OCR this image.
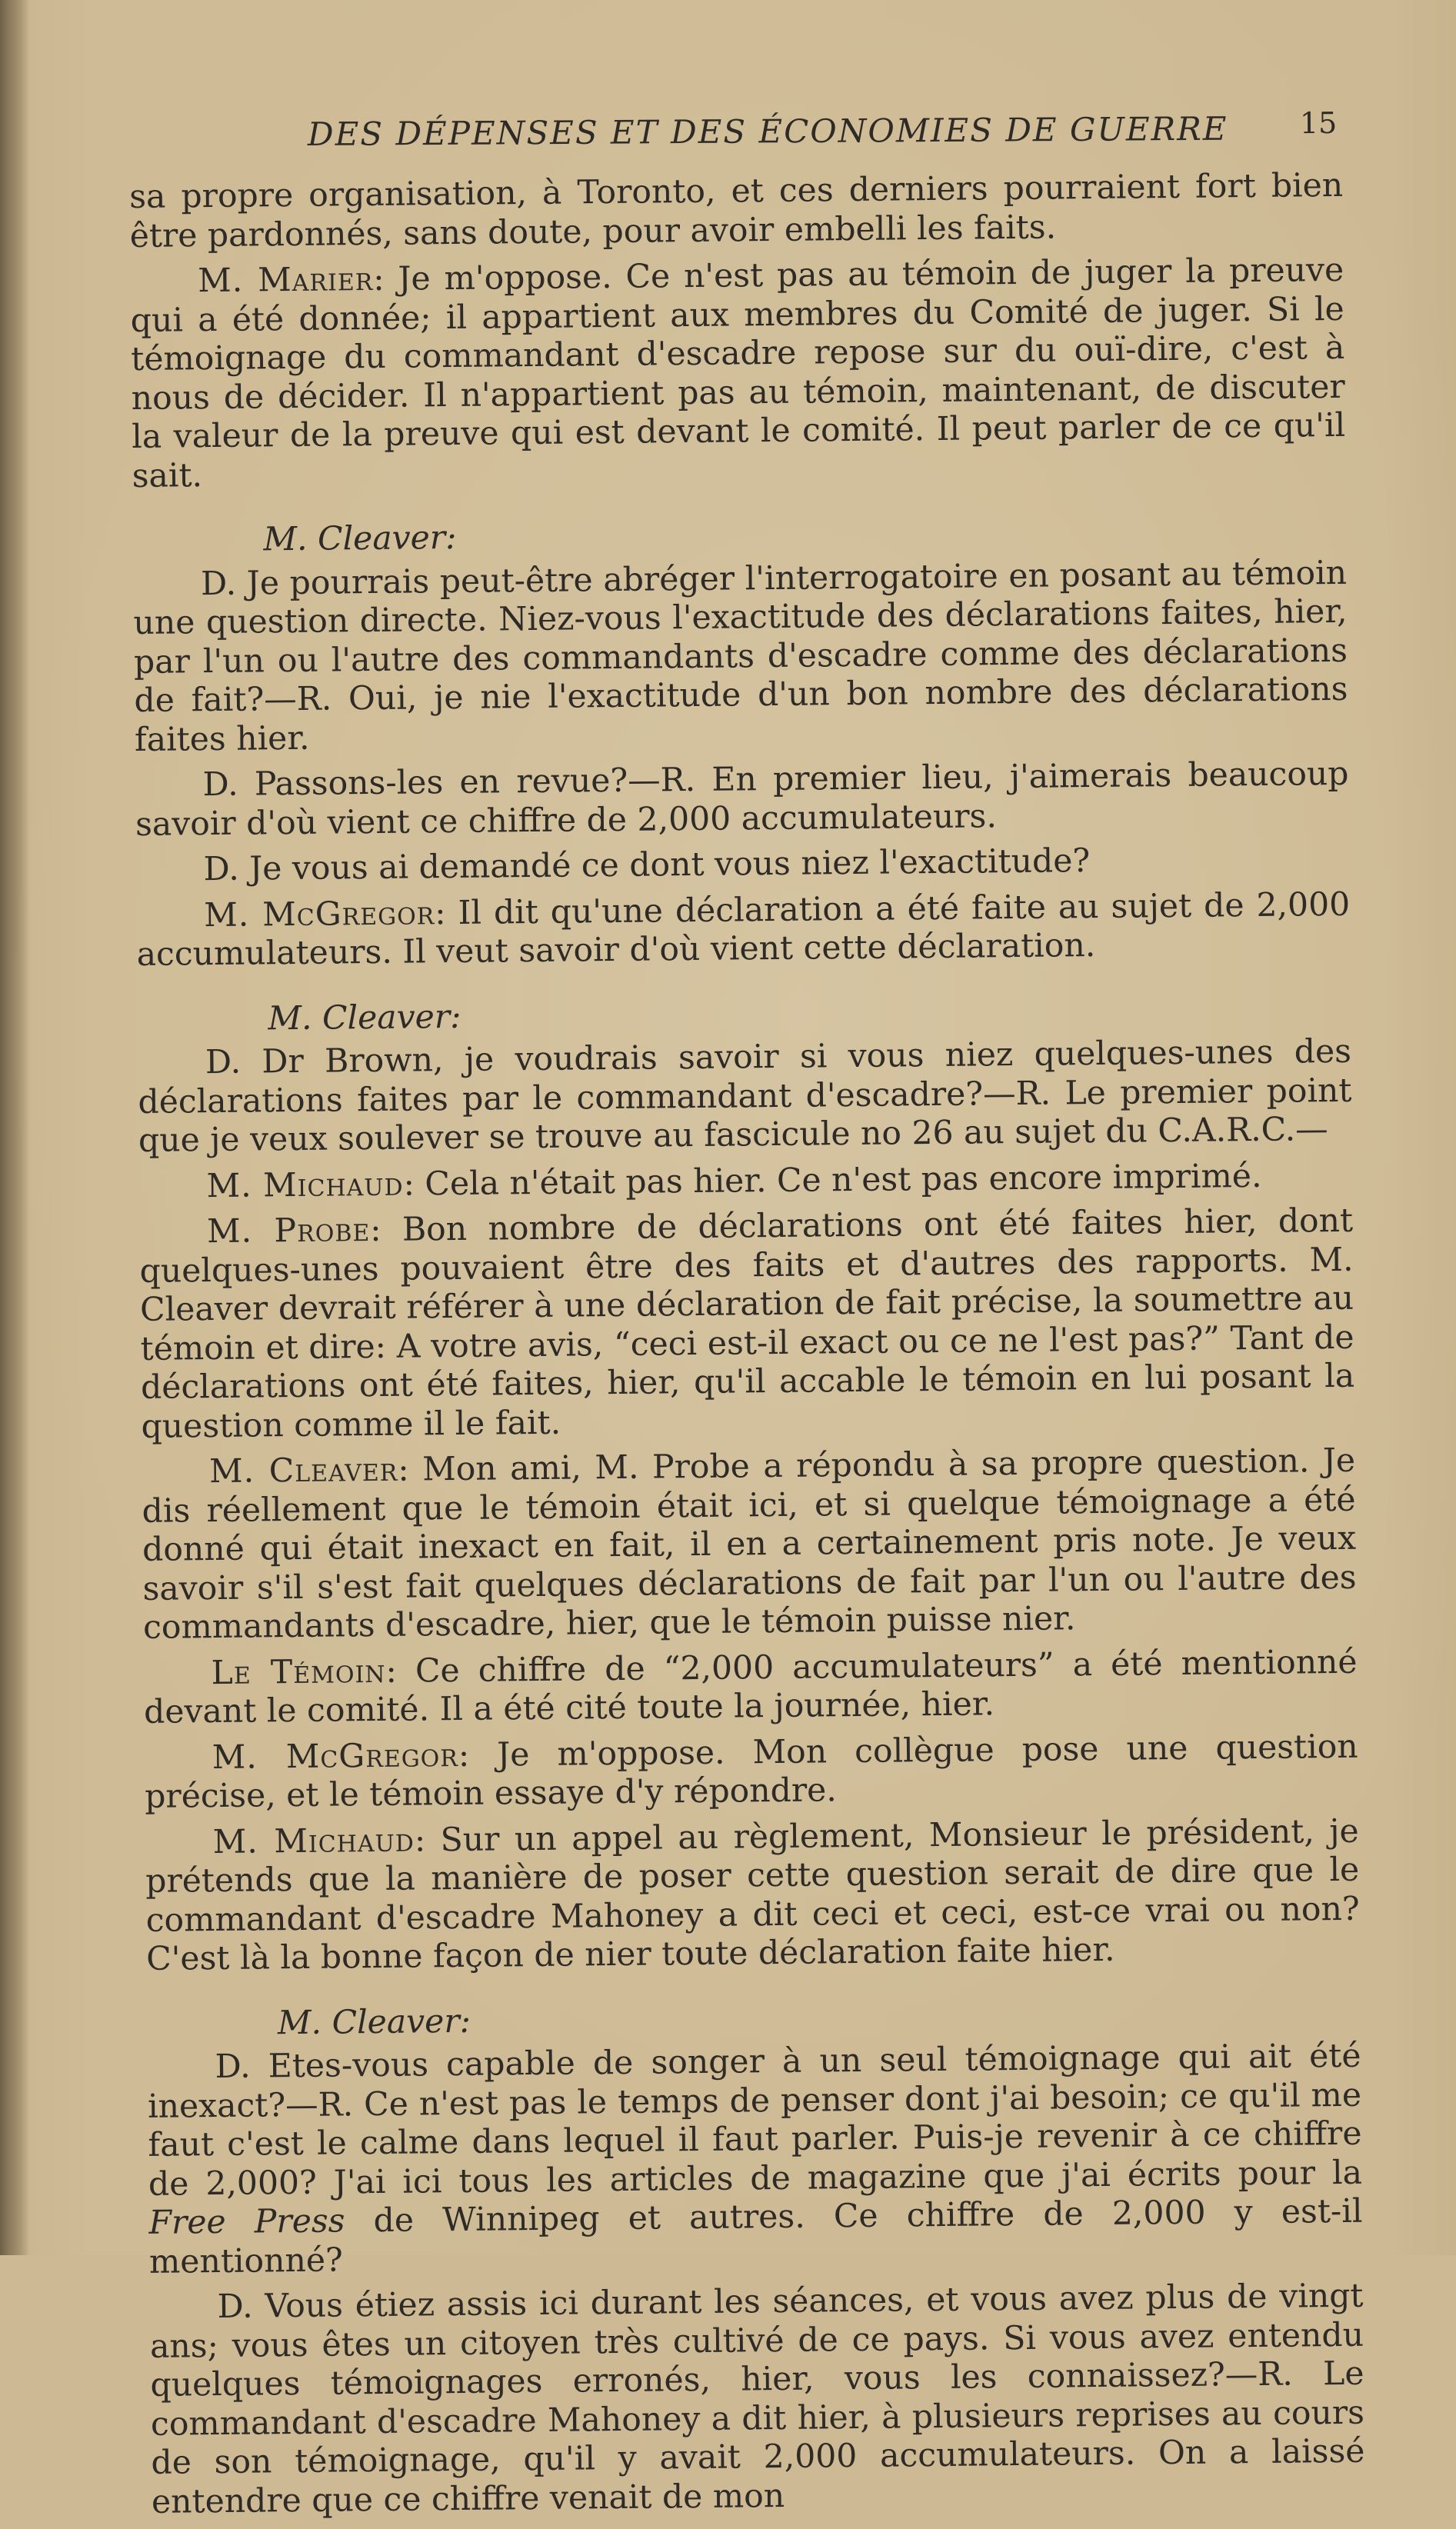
DES DÉPENSES ET DES ÉCONOMIES DE GUERRE 15

sa propre organisation, à Toronto, et ces derniers pourraient fort bien être pardonnés, sans doute, pour avoir embelli les faits.

M. Marier: Je m'oppose. Ce n'est pas au témoin de juger la preuve qui a été donnée; il appartient aux membres du Comité de juger. Si le témoignage du commandant d'escadre repose sur du ouï-dire, c'est à nous de décider. Il n'appartient pas au témoin, maintenant, de discuter la valeur de la preuve qui est devant le comité. Il peut parler de ce qu'il sait.

M. Cleaver:

D. Je pourrais peut-être abréger l'interrogatoire en posant au témoin une question directe. Niez-vous l'exactitude des déclarations faites, hier, par l'un ou l'autre des commandants d'escadre comme des déclarations de fait?—R. Oui, je nie l'exactitude d'un bon nombre des déclarations faites hier.

D. Passons-les en revue?—R. En premier lieu, j'aimerais beaucoup savoir d'où vient ce chiffre de 2,000 accumulateurs.

D. Je vous ai demandé ce dont vous niez l'exactitude?

M. McGregor: Il dit qu'une déclaration a été faite au sujet de 2,000 accumulateurs. Il veut savoir d'où vient cette déclaration.

M. Cleaver:

D. Dr Brown, je voudrais savoir si vous niez quelques-unes des déclarations faites par le commandant d'escadre?—R. Le premier point que je veux soulever se trouve au fascicule no 26 au sujet du C.A.R.C.—

M. Michaud: Cela n'était pas hier. Ce n'est pas encore imprimé.

M. Probe: Bon nombre de déclarations ont été faites hier, dont quelques-unes pouvaient être des faits et d'autres des rapports. M. Cleaver devrait référer à une déclaration de fait précise, la soumettre au témoin et dire: A votre avis, “ceci est-il exact ou ce ne l'est pas?” Tant de déclarations ont été faites, hier, qu'il accable le témoin en lui posant la question comme il le fait.

M. Cleaver: Mon ami, M. Probe a répondu à sa propre question. Je dis réellement que le témoin était ici, et si quelque témoignage a été donné qui était inexact en fait, il en a certainement pris note. Je veux savoir s'il s'est fait quelques déclarations de fait par l'un ou l'autre des commandants d'escadre, hier, que le témoin puisse nier.

Le Témoin: Ce chiffre de “2,000 accumulateurs” a été mentionné devant le comité. Il a été cité toute la journée, hier.

M. McGregor: Je m'oppose. Mon collègue pose une question précise, et le témoin essaye d'y répondre.

M. Michaud: Sur un appel au règlement, Monsieur le président, je prétends que la manière de poser cette question serait de dire que le commandant d'escadre Mahoney a dit ceci et ceci, est-ce vrai ou non? C'est là la bonne façon de nier toute déclaration faite hier.

M. Cleaver:

D. Etes-vous capable de songer à un seul témoignage qui ait été inexact?—R. Ce n'est pas le temps de penser dont j'ai besoin; ce qu'il me faut c'est le calme dans lequel il faut parler. Puis-je revenir à ce chiffre de 2,000? J'ai ici tous les articles de magazine que j'ai écrits pour la Free Press de Winnipeg et autres. Ce chiffre de 2,000 y est-il mentionné?

D. Vous étiez assis ici durant les séances, et vous avez plus de vingt ans; vous êtes un citoyen très cultivé de ce pays. Si vous avez entendu quelques témoignages erronés, hier, vous les connaissez?—R. Le commandant d'escadre Mahoney a dit hier, à plusieurs reprises au cours de son témoignage, qu'il y avait 2,000 accumulateurs. On a laissé entendre que ce chiffre venait de mon
